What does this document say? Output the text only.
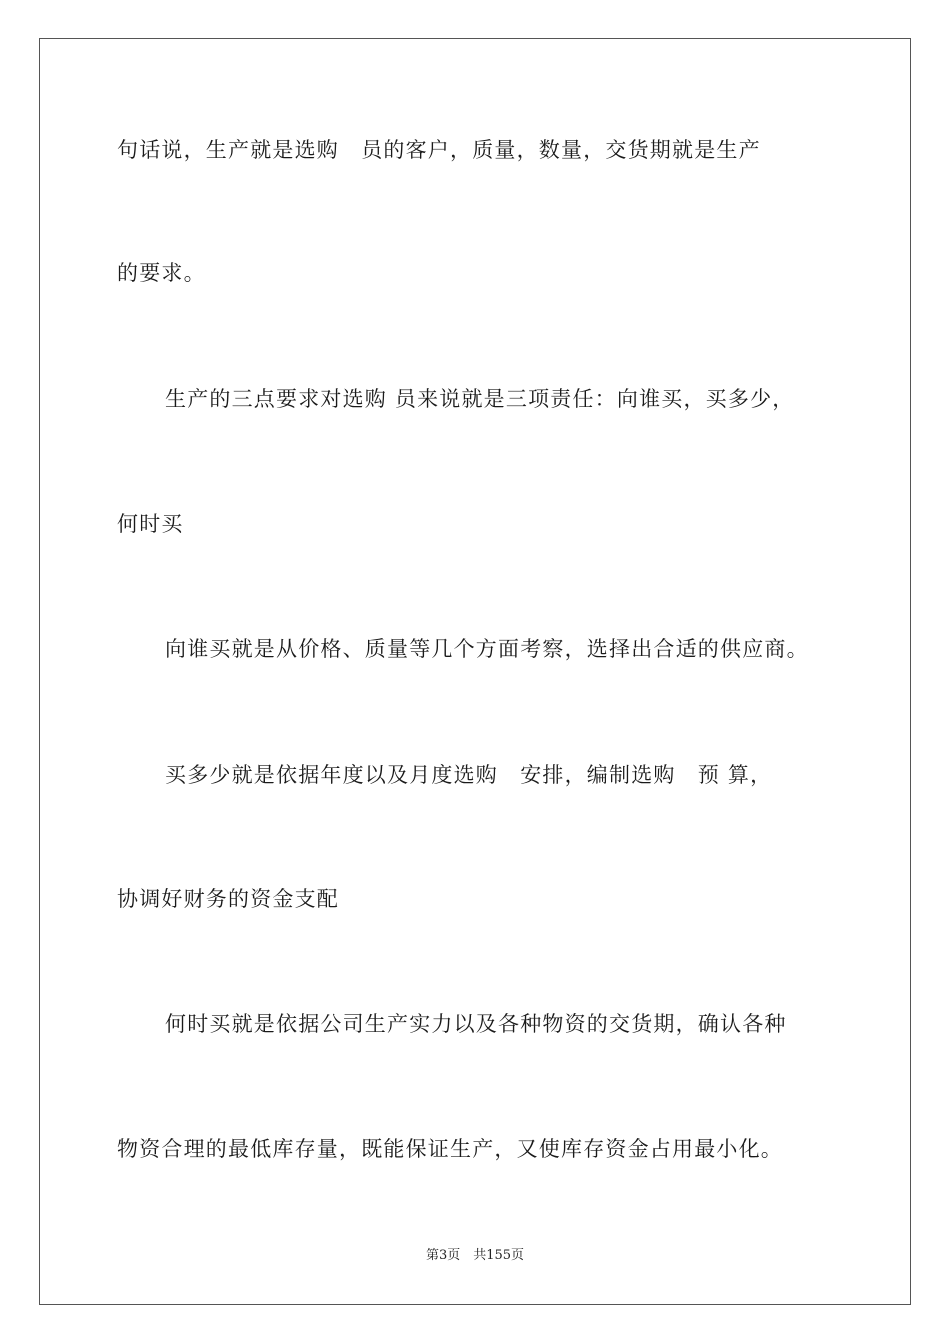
句话说，生产就是选购　员的客户，质量，数量，交货期就是生产
的要求。
生产的三点要求对选购 员来说就是三项责任：向谁买，买多少，
何时买
向谁买就是从价格、质量等几个方面考察，选择出合适的供应商。
买多少就是依据年度以及月度选购　安排，编制选购　预 算，
协调好财务的资金支配
何时买就是依据公司生产实力以及各种物资的交货期，确认各种
物资合理的最低库存量，既能保证生产，又使库存资金占用最小化。
第3页　共155页
